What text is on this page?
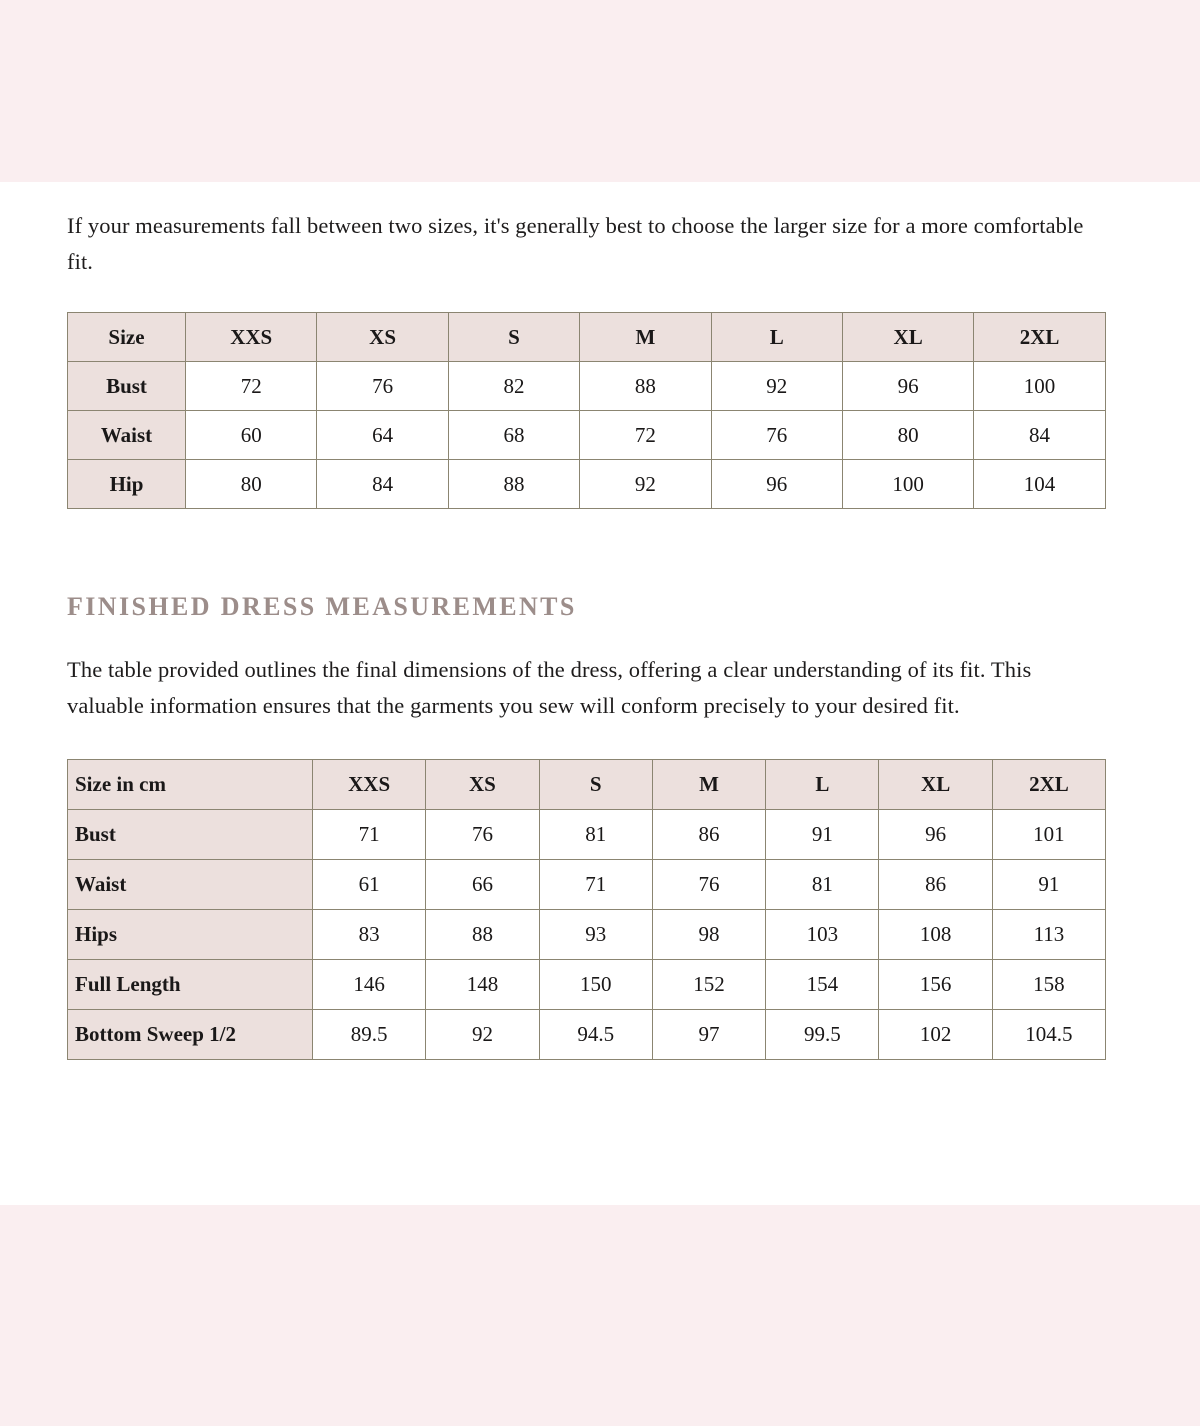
If your measurements fall between two sizes, it's generally best to choose the larger size for a more comfortable fit.

Size	XXS	XS	S	M	L	XL	2XL
Bust	72	76	82	88	92	96	100
Waist	60	64	68	72	76	80	84
Hip	80	84	88	92	96	100	104
FINISHED DRESS MEASUREMENTS

The table provided outlines the final dimensions of the dress, offering a clear understanding of its fit. This valuable information ensures that the garments you sew will conform precisely to your desired fit.

Size in cm	XXS	XS	S	M	L	XL	2XL
Bust	71	76	81	86	91	96	101
Waist	61	66	71	76	81	86	91
Hips	83	88	93	98	103	108	113
Full Length	146	148	150	152	154	156	158
Bottom Sweep 1/2	89.5	92	94.5	97	99.5	102	104.5
